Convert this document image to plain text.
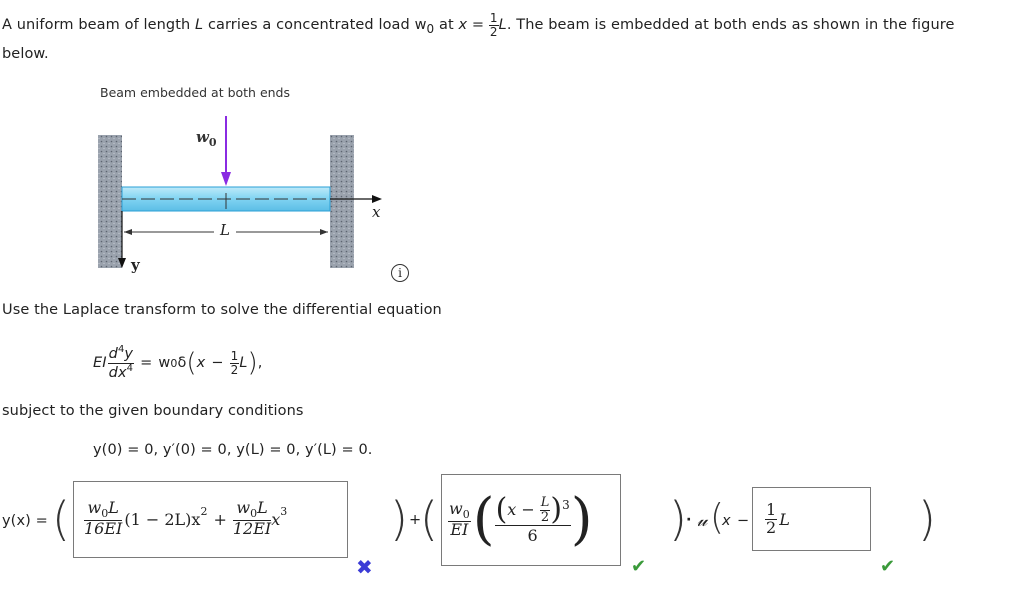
A uniform beam of length L carries a concentrated load $w_0$ at $x = \frac{1}{2} L$. The beam is embedded at both ends as shown in the figure
below.
Beam embedded at both ends
$w_0$
L
x
y	i
Use the Laplace transform to solve the differential equation
EI $\frac{d^4y}{dx^4} = w$ 0 δ ( $x - \frac{1}{2}$ L ) ,
subject to the given boundary conditions
y(0) = 0, y′(0) = 0, y(L) = 0, y′(L) = 0.
y(x) = ( $\frac{w_0L}{16EI} (1 - 2L)x^2 + \frac{w_0L}{12EI} x^3$
✖
) +
( $\frac{w_0}{EI}$ ( $\frac{( x - \frac{L}{2} )^3}{6}$ )
✔
) · 𝓊 (
$x - \frac{1}{2}$ L
✔
)
